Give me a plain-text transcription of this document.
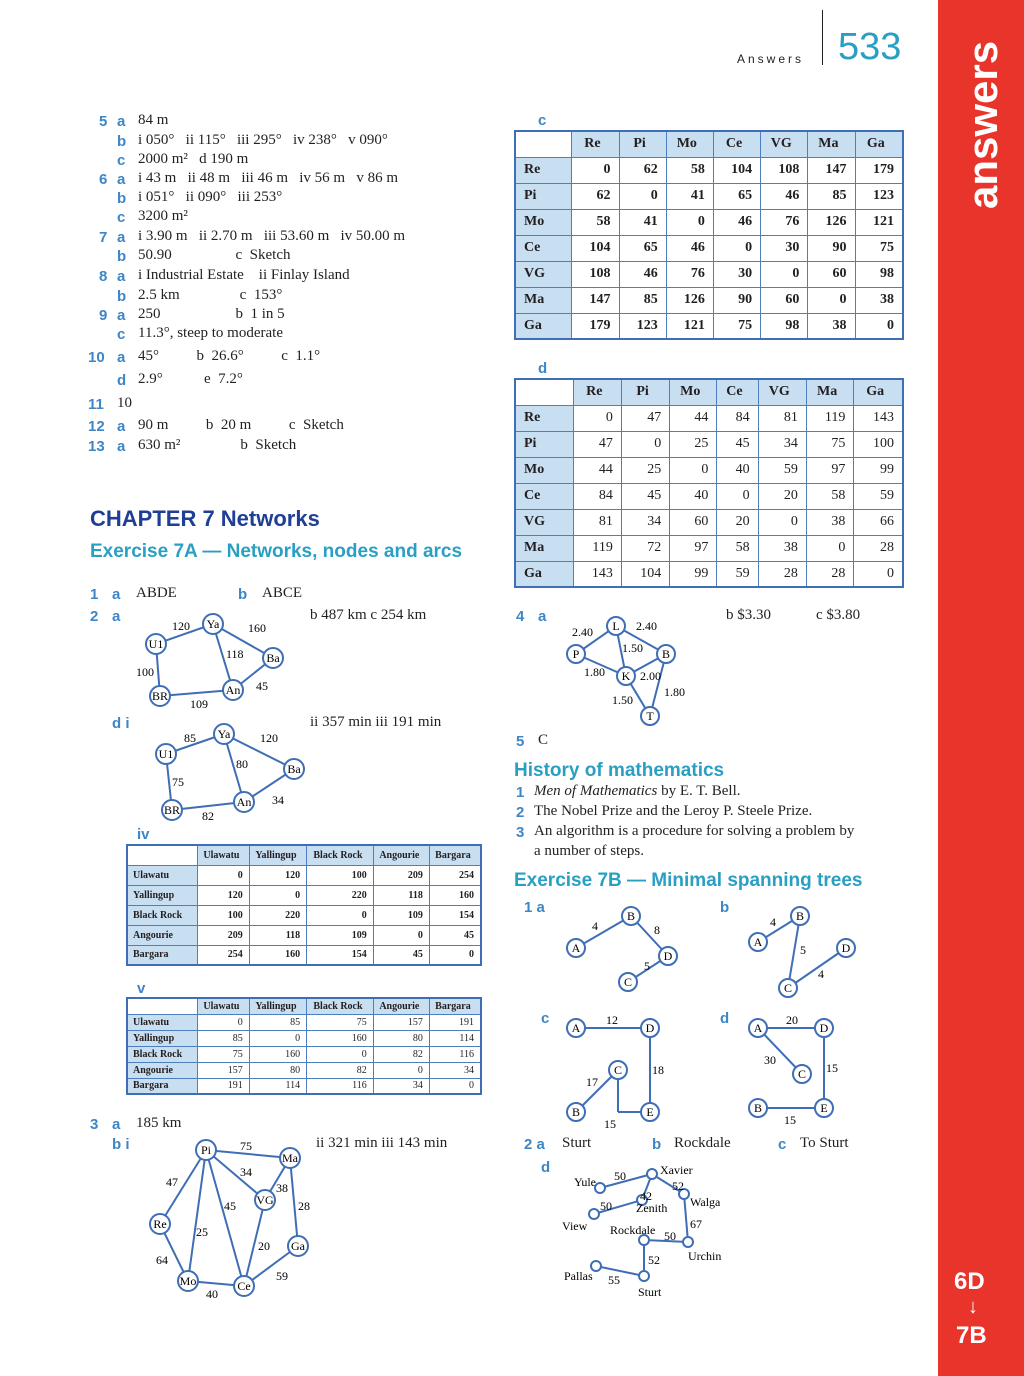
Answers 533 answers
6D
↓
7B
5 a 84 m
b i 050°   ii 115°   iii 295°   iv 238°   v 090°
c 2000 m²   d 190 m
6 a i 43 m   ii 48 m   iii 46 m   iv 56 m   v 86 m
b i 051°   ii 090°   iii 253°
c 3200 m²
7 a i 3.90 m   ii 2.70 m   iii 53.60 m   iv 50.00 m
b 50.90                 c  Sketch
8 a i Industrial Estate    ii Finlay Island
b 2.5 km                c  153°
9 a 250                    b  1 in 5
c 11.3°, steep to moderate
10 a 45°          b  26.6°          c  1.1°
d 2.9°           e  7.2°
11 10
12 a 90 m          b  20 m          c  Sketch
13 a 630 m²                b  Sketch
CHAPTER 7 Networks
Exercise 7A — Networks, nodes and arcs
1 a ABDE	b ABCE
2 a	b 487 km c 254 km
Ya
U1
Ba
An
BR
120	160
118
100
45
109
d i	ii 357 min iii 191 min
Ya
U1
Ba
An
BR
85	120
80
75
34
82
iv
	Ulawatu	Yallingup	Black Rock	Angourie	Bargara
Ulawatu	0	120	100	209	254
Yallingup	120	0	220	118	160
Black Rock	100	220	0	109	154
Angourie	209	118	109	0	45
Bargara	254	160	154	45	0
v
	Ulawatu	Yallingup	Black Rock	Angourie	Bargara
Ulawatu	0	85	75	157	191
Yallingup	85	0	160	80	114
Black Rock	75	160	0	82	116
Angourie	157	80	82	0	34
Bargara	191	114	116	34	0
3 a 185 km
b i	ii 321 min iii 143 min
Pi
Ma
VG
Re
Ga
Mo	Ce
75
47
34
38
45	28
25
20
64
59
40
c
	Re	Pi	Mo	Ce	VG	Ma	Ga
Re	0	62	58	104	108	147	179
Pi	62	0	41	65	46	85	123
Mo	58	41	0	46	76	126	121
Ce	104	65	46	0	30	90	75
VG	108	46	76	30	0	60	98
Ma	147	85	126	90	60	0	38
Ga	179	123	121	75	98	38	0
d
	Re	Pi	Mo	Ce	VG	Ma	Ga
Re	0	47	44	84	81	119	143
Pi	47	0	25	45	34	75	100
Mo	44	25	0	40	59	97	99
Ce	84	45	40	0	20	58	59
VG	81	34	60	20	0	38	66
Ma	119	72	97	58	38	0	28
Ga	143	104	99	59	28	28	0
4 a	b $3.30	c $3.80
L
P	B
K
T
2.40	2.40
1.50
1.80	2.00
1.50
1.80
5 C
History of mathematics
1 Men of Mathematics by E. T. Bell.
2 The Nobel Prize and the Leroy P. Steele Prize.
3 An algorithm is a procedure for solving a problem by
a number of steps.
Exercise 7B — Minimal spanning trees
1 a	b
c	d
B
A
D
C
4	8
5
B
A	D
C
4
5
4
A	D
C
B	E
12
18
17
15
A	D
C
B	E
20
30
15
15
2 a Sturt	b Rockdale	c To Sturt
d	Xavier
Yule
Zenith Walga
View Rockdale
Urchin
Pallas
Sturt
50
52
42
50
67
50
52
55
